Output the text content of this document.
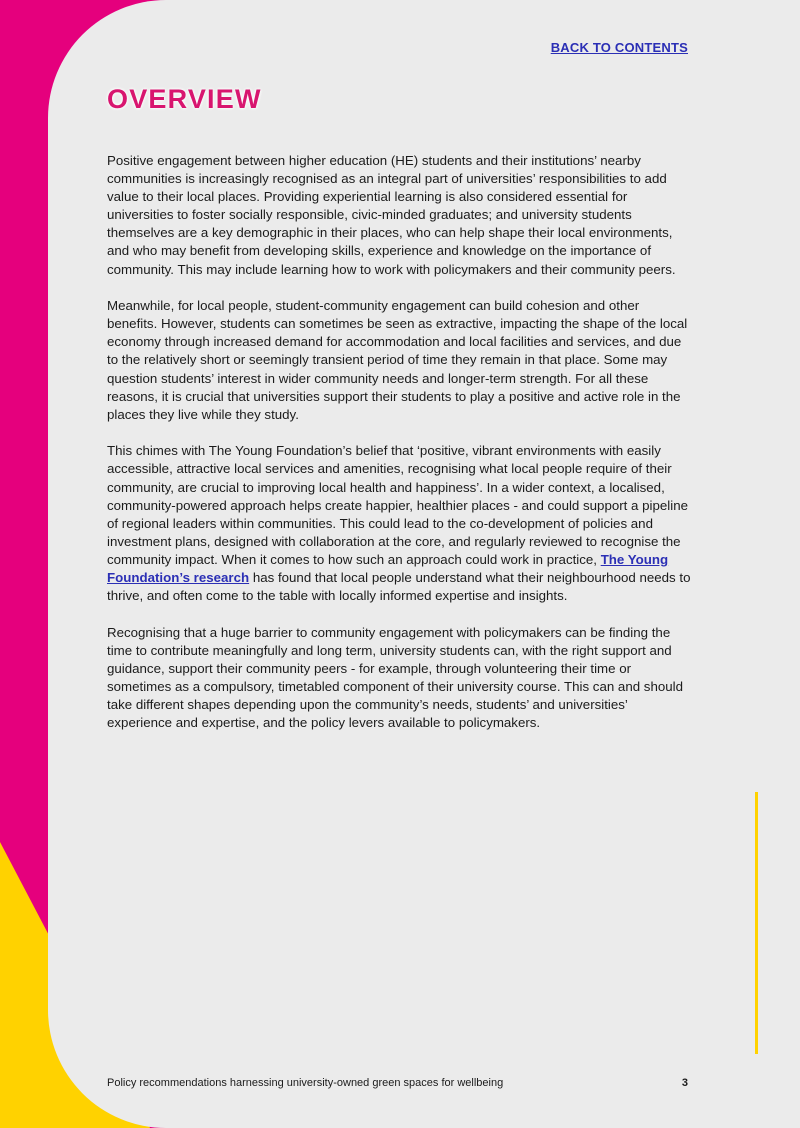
BACK TO CONTENTS
OVERVIEW

Positive engagement between higher education (HE) students and their institutions’ nearby communities is increasingly recognised as an integral part of universities’ responsibilities to add value to their local places. Providing experiential learning is also considered essential for universities to foster socially responsible, civic-minded graduates; and university students themselves are a key demographic in their places, who can help shape their local environments, and who may benefit from developing skills, experience and knowledge on the importance of community. This may include learning how to work with policymakers and their community peers.

Meanwhile, for local people, student-community engagement can build cohesion and other benefits. However, students can sometimes be seen as extractive, impacting the shape of the local economy through increased demand for accommodation and local facilities and services, and due to the relatively short or seemingly transient period of time they remain in that place. Some may question students’ interest in wider community needs and longer-term strength. For all these reasons, it is crucial that universities support their students to play a positive and active role in the places they live while they study.

This chimes with The Young Foundation’s belief that ‘positive, vibrant environments with easily accessible, attractive local services and amenities, recognising what local people require of their community, are crucial to improving local health and happiness’. In a wider context, a localised, community-powered approach helps create happier, healthier places - and could support a pipeline of regional leaders within communities. This could lead to the co-development of policies and investment plans, designed with collaboration at the core, and regularly reviewed to recognise the community impact. When it comes to how such an approach could work in practice, The Young Foundation’s research has found that local people understand what their neighbourhood needs to thrive, and often come to the table with locally informed expertise and insights.

Recognising that a huge barrier to community engagement with policymakers can be finding the time to contribute meaningfully and long term, university students can, with the right support and guidance, support their community peers - for example, through volunteering their time or sometimes as a compulsory, timetabled component of their university course. This can and should take different shapes depending upon the community’s needs, students’ and universities’ experience and expertise, and the policy levers available to policymakers.

Policy recommendations harnessing university-owned green spaces for wellbeing	3
